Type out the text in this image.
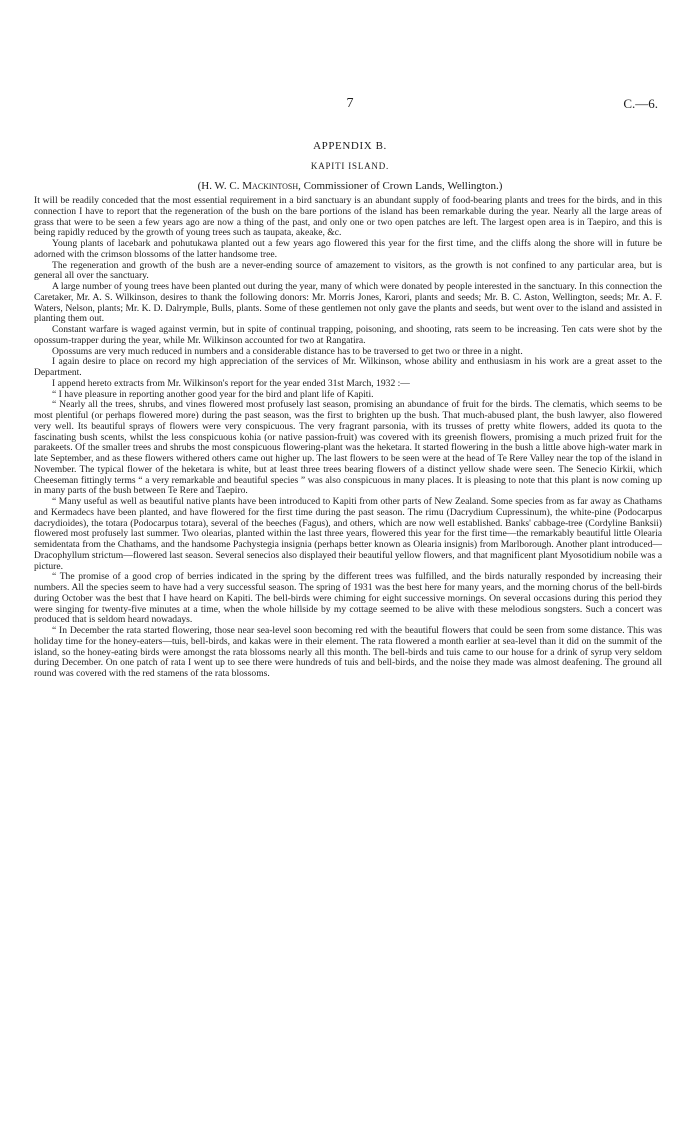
7	C.—6.
APPENDIX B.
KAPITI ISLAND.
(H. W. C. Mackintosh, Commissioner of Crown Lands, Wellington.)

It will be readily conceded that the most essential requirement in a bird sanctuary is an abundant supply of food-bearing plants and trees for the birds, and in this connection I have to report that the regeneration of the bush on the bare portions of the island has been remarkable during the year. Nearly all the large areas of grass that were to be seen a few years ago are now a thing of the past, and only one or two open patches are left. The largest open area is in Taepiro, and this is being rapidly reduced by the growth of young trees such as taupata, akeake, &c.

Young plants of lacebark and pohutukawa planted out a few years ago flowered this year for the first time, and the cliffs along the shore will in future be adorned with the crimson blossoms of the latter handsome tree.

The regeneration and growth of the bush are a never-ending source of amazement to visitors, as the growth is not confined to any particular area, but is general all over the sanctuary.

A large number of young trees have been planted out during the year, many of which were donated by people interested in the sanctuary. In this connection the Caretaker, Mr. A. S. Wilkinson, desires to thank the following donors: Mr. Morris Jones, Karori, plants and seeds; Mr. B. C. Aston, Wellington, seeds; Mr. A. F. Waters, Nelson, plants; Mr. K. D. Dalrymple, Bulls, plants. Some of these gentlemen not only gave the plants and seeds, but went over to the island and assisted in planting them out.

Constant warfare is waged against vermin, but in spite of continual trapping, poisoning, and shooting, rats seem to be increasing. Ten cats were shot by the opossum-trapper during the year, while Mr. Wilkinson accounted for two at Rangatira.

Opossums are very much reduced in numbers and a considerable distance has to be traversed to get two or three in a night.

I again desire to place on record my high appreciation of the services of Mr. Wilkinson, whose ability and enthusiasm in his work are a great asset to the Department.

I append hereto extracts from Mr. Wilkinson's report for the year ended 31st March, 1932 :—

“ I have pleasure in reporting another good year for the bird and plant life of Kapiti.

“ Nearly all the trees, shrubs, and vines flowered most profusely last season, promising an abundance of fruit for the birds. The clematis, which seems to be most plentiful (or perhaps flowered more) during the past season, was the first to brighten up the bush. That much-abused plant, the bush lawyer, also flowered very well. Its beautiful sprays of flowers were very conspicuous. The very fragrant parsonia, with its trusses of pretty white flowers, added its quota to the fascinating bush scents, whilst the less conspicuous kohia (or native passion-fruit) was covered with its greenish flowers, promising a much prized fruit for the parakeets. Of the smaller trees and shrubs the most conspicuous flowering-plant was the heketara. It started flowering in the bush a little above high-water mark in late September, and as these flowers withered others came out higher up. The last flowers to be seen were at the head of Te Rere Valley near the top of the island in November. The typical flower of the heketara is white, but at least three trees bearing flowers of a distinct yellow shade were seen. The Senecio Kirkii, which Cheeseman fittingly terms “ a very remarkable and beautiful species ” was also conspicuous in many places. It is pleasing to note that this plant is now coming up in many parts of the bush between Te Rere and Taepiro.

“ Many useful as well as beautiful native plants have been introduced to Kapiti from other parts of New Zealand. Some species from as far away as Chathams and Kermadecs have been planted, and have flowered for the first time during the past season. The rimu (Dacrydium Cupressinum), the white-pine (Podocarpus dacrydioides), the totara (Podocarpus totara), several of the beeches (Fagus), and others, which are now well established. Banks' cabbage-tree (Cordyline Banksii) flowered most profusely last summer. Two olearias, planted within the last three years, flowered this year for the first time—the remarkably beautiful little Olearia semidentata from the Chathams, and the handsome Pachystegia insignia (perhaps better known as Olearia insignis) from Marlborough. Another plant introduced—Dracophyllum strictum—flowered last season. Several senecios also displayed their beautiful yellow flowers, and that magnificent plant Myosotidium nobile was a picture.

“ The promise of a good crop of berries indicated in the spring by the different trees was fulfilled, and the birds naturally responded by increasing their numbers. All the species seem to have had a very successful season. The spring of 1931 was the best here for many years, and the morning chorus of the bell-birds during October was the best that I have heard on Kapiti. The bell-birds were chiming for eight successive mornings. On several occasions during this period they were singing for twenty-five minutes at a time, when the whole hillside by my cottage seemed to be alive with these melodious songsters. Such a concert was produced that is seldom heard nowadays.

“ In December the rata started flowering, those near sea-level soon becoming red with the beautiful flowers that could be seen from some distance. This was holiday time for the honey-eaters—tuis, bell-birds, and kakas were in their element. The rata flowered a month earlier at sea-level than it did on the summit of the island, so the honey-eating birds were amongst the rata blossoms nearly all this month. The bell-birds and tuis came to our house for a drink of syrup very seldom during December. On one patch of rata I went up to see there were hundreds of tuis and bell-birds, and the noise they made was almost deafening. The ground all round was covered with the red stamens of the rata blossoms.
